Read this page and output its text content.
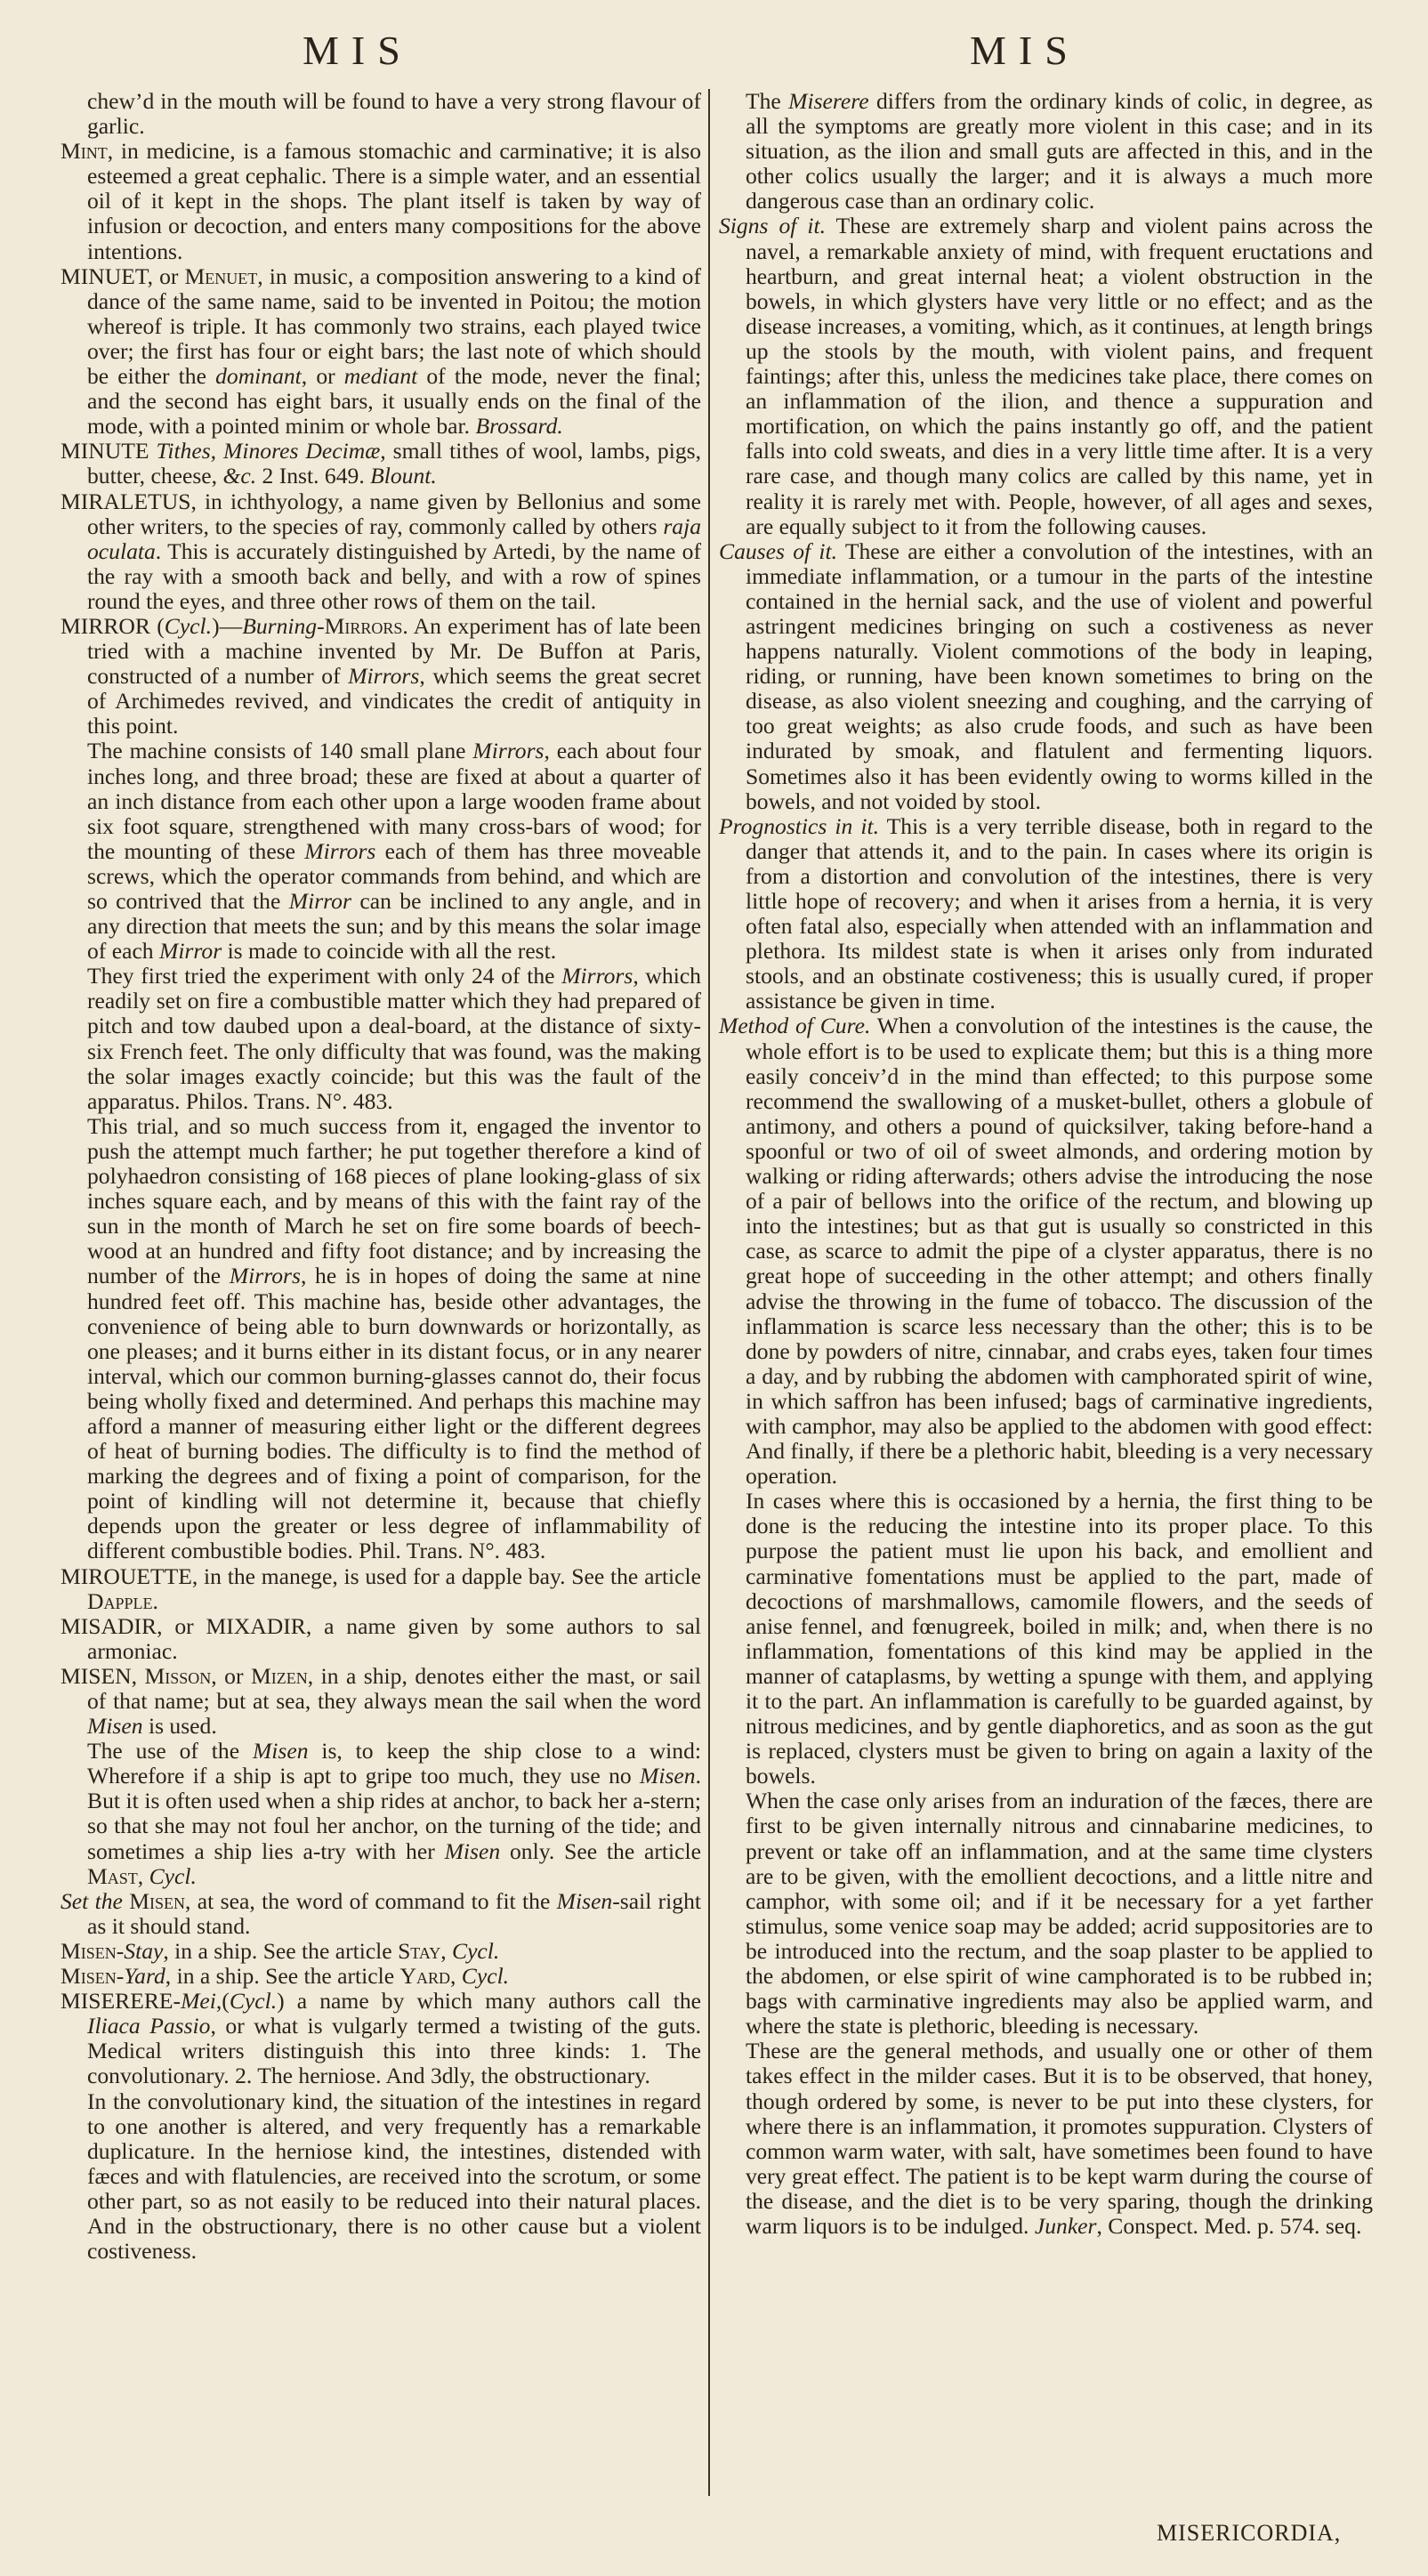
MIS	MIS

chew’d in the mouth will be found to have a very strong flavour of garlic.

Mint, in medicine, is a famous stomachic and carminative; it is also esteemed a great cephalic. There is a simple water, and an essential oil of it kept in the shops. The plant itself is taken by way of infusion or decoction, and enters many compositions for the above intentions.

MINUET, or Menuet, in music, a composition answering to a kind of dance of the same name, said to be invented in Poitou; the motion whereof is triple. It has commonly two strains, each played twice over; the first has four or eight bars; the last note of which should be either the dominant, or mediant of the mode, never the final; and the second has eight bars, it usually ends on the final of the mode, with a pointed minim or whole bar. Brossard.

MINUTE Tithes, Minores Decimæ, small tithes of wool, lambs, pigs, butter, cheese, &c. 2 Inst. 649. Blount.

MIRALETUS, in ichthyology, a name given by Bellonius and some other writers, to the species of ray, commonly called by others raja oculata. This is accurately distinguished by Artedi, by the name of the ray with a smooth back and belly, and with a row of spines round the eyes, and three other rows of them on the tail.

MIRROR (Cycl.)—Burning-Mirrors. An experiment has of late been tried with a machine invented by Mr. De Buffon at Paris, constructed of a number of Mirrors, which seems the great secret of Archimedes revived, and vindicates the credit of antiquity in this point.

The machine consists of 140 small plane Mirrors, each about four inches long, and three broad; these are fixed at about a quarter of an inch distance from each other upon a large wooden frame about six foot square, strengthened with many cross-bars of wood; for the mounting of these Mirrors each of them has three moveable screws, which the operator commands from behind, and which are so contrived that the Mirror can be inclined to any angle, and in any direction that meets the sun; and by this means the solar image of each Mirror is made to coincide with all the rest.

They first tried the experiment with only 24 of the Mirrors, which readily set on fire a combustible matter which they had prepared of pitch and tow daubed upon a deal-board, at the distance of sixty-six French feet. The only difficulty that was found, was the making the solar images exactly coincide; but this was the fault of the apparatus. Philos. Trans. N°. 483.

This trial, and so much success from it, engaged the inventor to push the attempt much farther; he put together therefore a kind of polyhaedron consisting of 168 pieces of plane looking-glass of six inches square each, and by means of this with the faint ray of the sun in the month of March he set on fire some boards of beech-wood at an hundred and fifty foot distance; and by increasing the number of the Mirrors, he is in hopes of doing the same at nine hundred feet off. This machine has, beside other advantages, the convenience of being able to burn downwards or horizontally, as one pleases; and it burns either in its distant focus, or in any nearer interval, which our common burning-glasses cannot do, their focus being wholly fixed and determined. And perhaps this machine may afford a manner of measuring either light or the different degrees of heat of burning bodies. The difficulty is to find the method of marking the degrees and of fixing a point of comparison, for the point of kindling will not determine it, because that chiefly depends upon the greater or less degree of inflammability of different combustible bodies. Phil. Trans. N°. 483.

MIROUETTE, in the manege, is used for a dapple bay. See the article Dapple.

MISADIR, or MIXADIR, a name given by some authors to sal armoniac.

MISEN, Misson, or Mizen, in a ship, denotes either the mast, or sail of that name; but at sea, they always mean the sail when the word Misen is used.

The use of the Misen is, to keep the ship close to a wind: Wherefore if a ship is apt to gripe too much, they use no Misen. But it is often used when a ship rides at anchor, to back her a-stern; so that she may not foul her anchor, on the turning of the tide; and sometimes a ship lies a-try with her Misen only. See the article Mast, Cycl.

Set the Misen, at sea, the word of command to fit the Misen-sail right as it should stand.

Misen-Stay, in a ship. See the article Stay, Cycl.

Misen-Yard, in a ship. See the article Yard, Cycl.

MISERERE-Mei,(Cycl.) a name by which many authors call the Iliaca Passio, or what is vulgarly termed a twisting of the guts. Medical writers distinguish this into three kinds: 1. The convolutionary. 2. The herniose. And 3dly, the obstructionary.

In the convolutionary kind, the situation of the intestines in regard to one another is altered, and very frequently has a remarkable duplicature. In the herniose kind, the intestines, distended with fæces and with flatulencies, are received into the scrotum, or some other part, so as not easily to be reduced into their natural places. And in the obstructionary, there is no other cause but a violent costiveness.

The Miserere differs from the ordinary kinds of colic, in degree, as all the symptoms are greatly more violent in this case; and in its situation, as the ilion and small guts are affected in this, and in the other colics usually the larger; and it is always a much more dangerous case than an ordinary colic.

Signs of it. These are extremely sharp and violent pains across the navel, a remarkable anxiety of mind, with frequent eructations and heartburn, and great internal heat; a violent obstruction in the bowels, in which glysters have very little or no effect; and as the disease increases, a vomiting, which, as it continues, at length brings up the stools by the mouth, with violent pains, and frequent faintings; after this, unless the medicines take place, there comes on an inflammation of the ilion, and thence a suppuration and mortification, on which the pains instantly go off, and the patient falls into cold sweats, and dies in a very little time after. It is a very rare case, and though many colics are called by this name, yet in reality it is rarely met with. People, however, of all ages and sexes, are equally subject to it from the following causes.

Causes of it. These are either a convolution of the intestines, with an immediate inflammation, or a tumour in the parts of the intestine contained in the hernial sack, and the use of violent and powerful astringent medicines bringing on such a costiveness as never happens naturally. Violent commotions of the body in leaping, riding, or running, have been known sometimes to bring on the disease, as also violent sneezing and coughing, and the carrying of too great weights; as also crude foods, and such as have been indurated by smoak, and flatulent and fermenting liquors. Sometimes also it has been evidently owing to worms killed in the bowels, and not voided by stool.

Prognostics in it. This is a very terrible disease, both in regard to the danger that attends it, and to the pain. In cases where its origin is from a distortion and convolution of the intestines, there is very little hope of recovery; and when it arises from a hernia, it is very often fatal also, especially when attended with an inflammation and plethora. Its mildest state is when it arises only from indurated stools, and an obstinate costiveness; this is usually cured, if proper assistance be given in time.

Method of Cure. When a convolution of the intestines is the cause, the whole effort is to be used to explicate them; but this is a thing more easily conceiv’d in the mind than effected; to this purpose some recommend the swallowing of a musket-bullet, others a globule of antimony, and others a pound of quicksilver, taking before-hand a spoonful or two of oil of sweet almonds, and ordering motion by walking or riding afterwards; others advise the introducing the nose of a pair of bellows into the orifice of the rectum, and blowing up into the intestines; but as that gut is usually so constricted in this case, as scarce to admit the pipe of a clyster apparatus, there is no great hope of succeeding in the other attempt; and others finally advise the throwing in the fume of tobacco. The discussion of the inflammation is scarce less necessary than the other; this is to be done by powders of nitre, cinnabar, and crabs eyes, taken four times a day, and by rubbing the abdomen with camphorated spirit of wine, in which saffron has been infused; bags of carminative ingredients, with camphor, may also be applied to the abdomen with good effect: And finally, if there be a plethoric habit, bleeding is a very necessary operation.

In cases where this is occasioned by a hernia, the first thing to be done is the reducing the intestine into its proper place. To this purpose the patient must lie upon his back, and emollient and carminative fomentations must be applied to the part, made of decoctions of marshmallows, camomile flowers, and the seeds of anise fennel, and fœnugreek, boiled in milk; and, when there is no inflammation, fomentations of this kind may be applied in the manner of cataplasms, by wetting a spunge with them, and applying it to the part. An inflammation is carefully to be guarded against, by nitrous medicines, and by gentle diaphoretics, and as soon as the gut is replaced, clysters must be given to bring on again a laxity of the bowels.

When the case only arises from an induration of the fæces, there are first to be given internally nitrous and cinnabarine medicines, to prevent or take off an inflammation, and at the same time clysters are to be given, with the emollient decoctions, and a little nitre and camphor, with some oil; and if it be necessary for a yet farther stimulus, some venice soap may be added; acrid suppositories are to be introduced into the rectum, and the soap plaster to be applied to the abdomen, or else spirit of wine camphorated is to be rubbed in; bags with carminative ingredients may also be applied warm, and where the state is plethoric, bleeding is necessary.

These are the general methods, and usually one or other of them takes effect in the milder cases. But it is to be observed, that honey, though ordered by some, is never to be put into these clysters, for where there is an inflammation, it promotes suppuration. Clysters of common warm water, with salt, have sometimes been found to have very great effect. The patient is to be kept warm during the course of the disease, and the diet is to be very sparing, though the drinking warm liquors is to be indulged. Junker, Conspect. Med. p. 574. seq.

MISERICORDIA,
